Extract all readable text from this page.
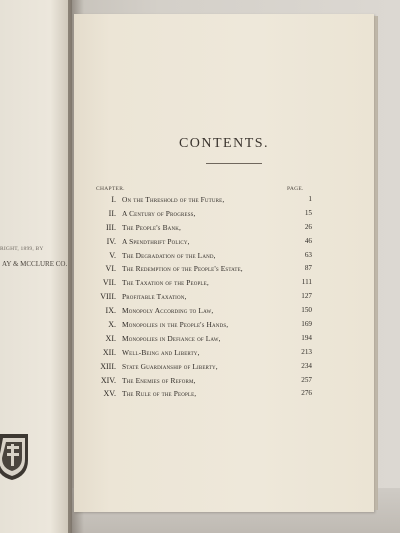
RIGHT, 1899, BY
AY & MCCLURE CO.
CONTENTS.
CHAPTER.	PAGE.
I. On the Threshold of the Future,	1
II. A Century of Progress,	15
III. The People's Bank,	26
IV. A Spendthrift Policy,	46
V. The Degradation of the Land,	63
VI. The Redemption of the People's Estate,	87
VII. The Taxation of the People,	111
VIII. Profitable Taxation,	127
IX. Monopoly According to Law,	150
X. Monopolies in the People's Hands,	169
XI. Monopolies in Defiance of Law,	194
XII. Well-Being and Liberty,	213
XIII. State Guardianship of Liberty,	234
XIV. The Enemies of Reform,	257
XV. The Rule of the People,	276
